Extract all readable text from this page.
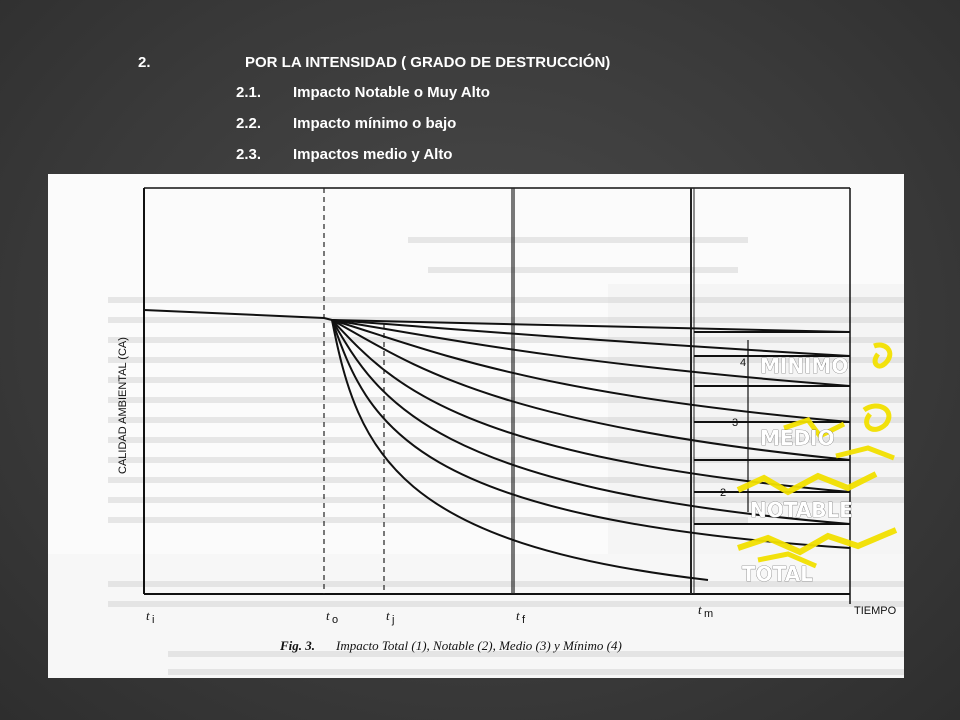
2.	POR LA INTENSIDAD ( GRADO DE DESTRUCCIÓN)
2.1. Impacto Notable o Muy Alto
2.2. Impacto mínimo o bajo
2.3. Impactos medio y Alto
4
3
2
CALIDAD AMBIENTAL (CA)
TIEMPO
t i	t o	t j	t f
t m
Fig. 3. Impacto Total (1), Notable (2), Medio (3) y Mínimo (4)
MINIMO
MEDIO
NOTABLE
TOTAL
